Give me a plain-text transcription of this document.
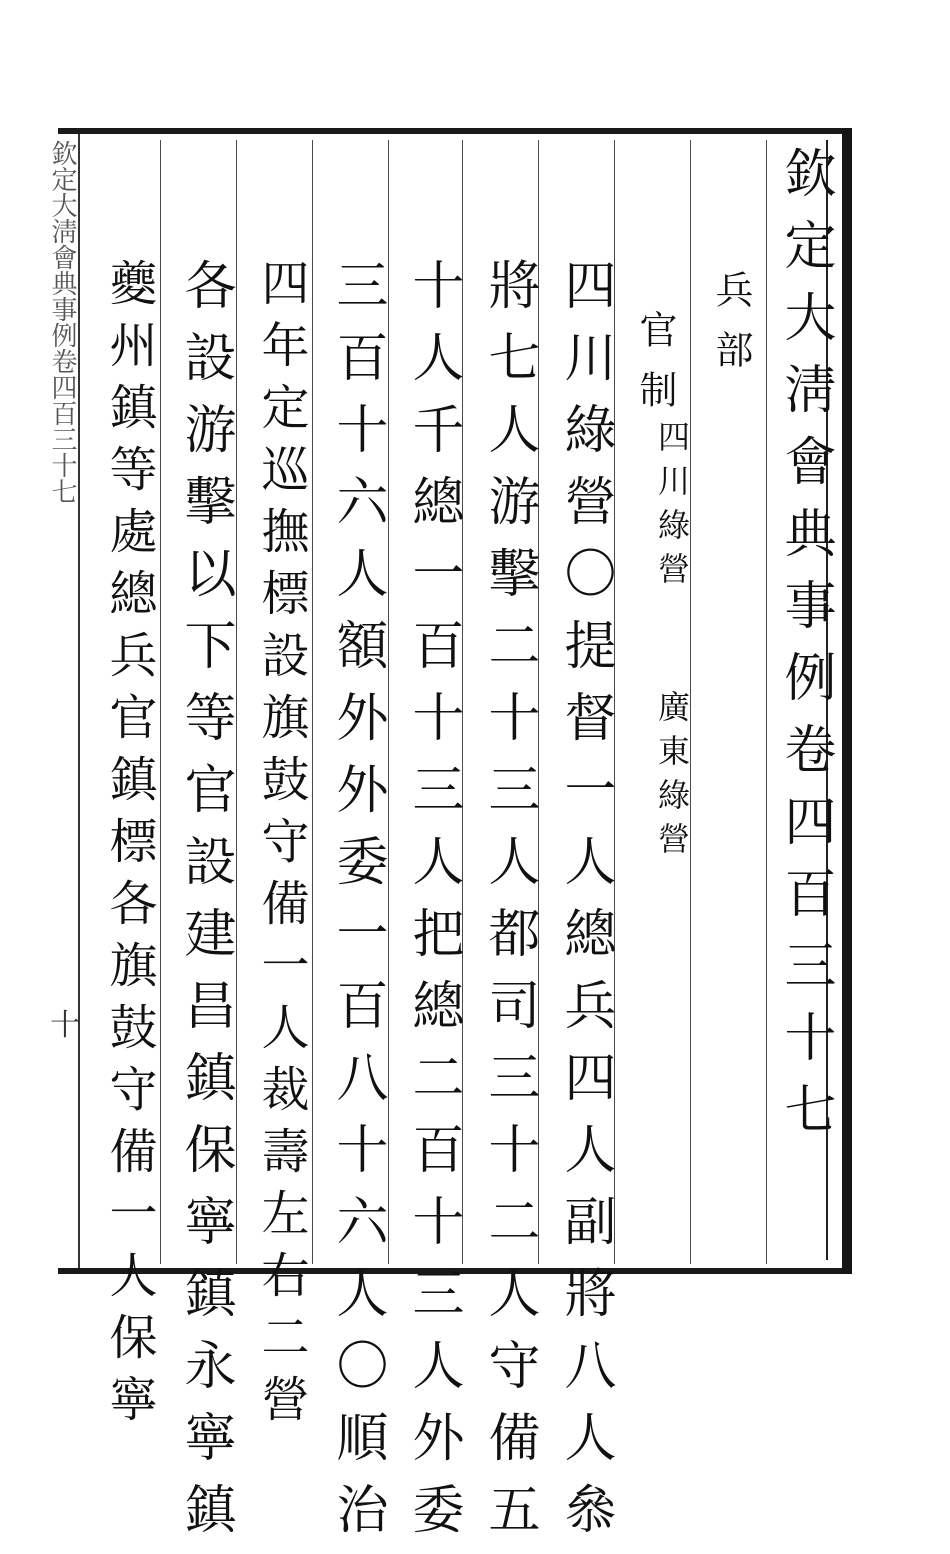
欽定大淸會典事例卷四百三十七
兵部
官制
四川綠營
廣東綠營
四川綠營〇提督一人總兵四人副將八人叅
將七人游擊二十三人都司三十二人守備五
十人千總一百十三人把總二百十三人外委
三百十六人額外外委一百八十六人〇順治
四年定巡撫標設旗鼓守備一人裁壽左右二營
各設游擊以下等官設建昌鎮保寧鎮永寧鎮
夔州鎮等處總兵官鎮標各旗鼓守備一人保寧
欽定大淸會典事例卷四百三十七
十
